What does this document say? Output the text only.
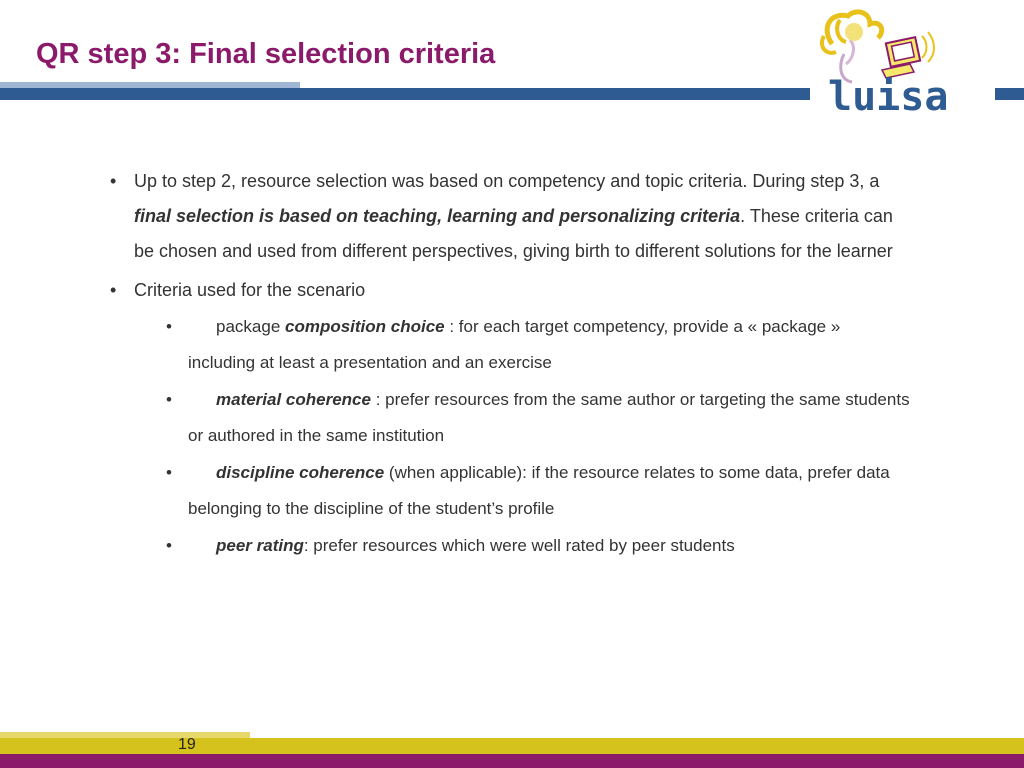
QR step 3: Final selection criteria
luisa
• Up to step 2, resource selection was based on competency and topic criteria. During step 3, a final selection is based on teaching, learning and personalizing criteria. These criteria can be chosen and used from different perspectives, giving birth to different solutions for the learner
• Criteria used for the scenario
•	package composition choice : for each target competency, provide a « package » including at least a presentation and an exercise
•	material coherence : prefer resources from the same author or targeting the same students or authored in the same institution
•	discipline coherence (when applicable): if the resource relates to some data, prefer data belonging to the discipline of the student’s profile
•	peer rating: prefer resources which were well rated by peer students
19
